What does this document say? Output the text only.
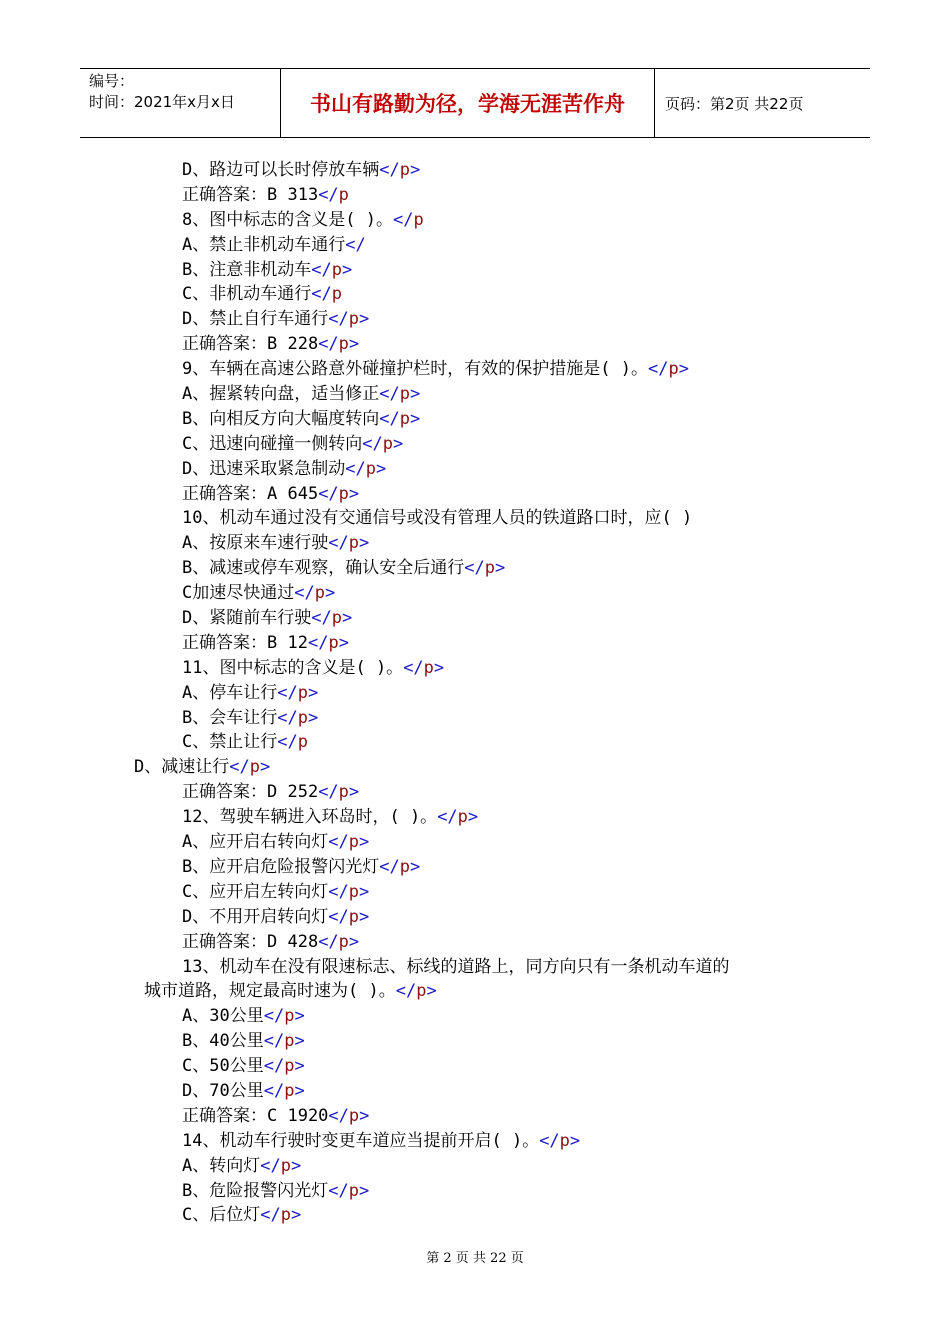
编号：
时间：2021年x月x日	书山有路勤为径，学海无涯苦作舟	页码：第2页 共22页
D、路边可以长时停放车辆</p>
正确答案：B 313</p
8、图中标志的含义是( )。</p
A、禁止非机动车通行</
B、注意非机动车</p>
C、非机动车通行</p
D、禁止自行车通行</p>
正确答案：B 228</p>
9、车辆在高速公路意外碰撞护栏时，有效的保护措施是( )。</p>
A、握紧转向盘，适当修正</p>
B、向相反方向大幅度转向</p>
C、迅速向碰撞一侧转向</p>
D、迅速采取紧急制动</p>
正确答案：A 645</p>
10、机动车通过没有交通信号或没有管理人员的铁道路口时，应( )
A、按原来车速行驶</p>
B、减速或停车观察，确认安全后通行</p>
C加速尽快通过</p>
D、紧随前车行驶</p>
正确答案：B 12</p>
11、图中标志的含义是( )。</p>
A、停车让行</p>
B、会车让行</p>
C、禁止让行</p
D、减速让行</p>
正确答案：D 252</p>
12、驾驶车辆进入环岛时，( )。</p>
A、应开启右转向灯</p>
B、应开启危险报警闪光灯</p>
C、应开启左转向灯</p>
D、不用开启转向灯</p>
正确答案：D 428</p>
13、机动车在没有限速标志、标线的道路上，同方向只有一条机动车道的
城市道路，规定最高时速为( )。</p>
A、30公里</p>
B、40公里</p>
C、50公里</p>
D、70公里</p>
正确答案：C 1920</p>
14、机动车行驶时变更车道应当提前开启( )。</p>
A、转向灯</p>
B、危险报警闪光灯</p>
C、后位灯</p>
第 2 页 共 22 页
